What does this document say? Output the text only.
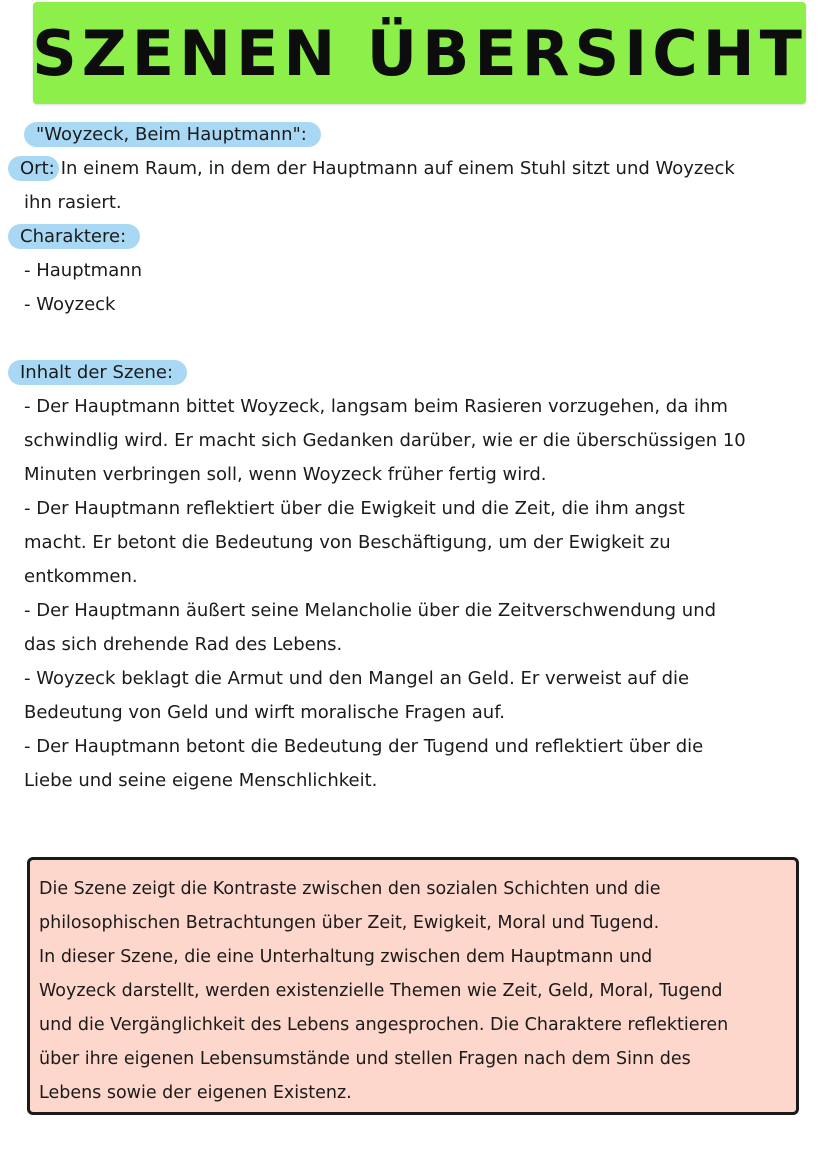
SZENEN ÜBERSICHT
"Woyzeck, Beim Hauptmann":
Ort: In einem Raum, in dem der Hauptmann auf einem Stuhl sitzt und Woyzeck
ihn rasiert.
Charaktere:
- Hauptmann
- Woyzeck
Inhalt der Szene:
- Der Hauptmann bittet Woyzeck, langsam beim Rasieren vorzugehen, da ihm
schwindlig wird. Er macht sich Gedanken darüber, wie er die überschüssigen 10
Minuten verbringen soll, wenn Woyzeck früher fertig wird.
- Der Hauptmann reflektiert über die Ewigkeit und die Zeit, die ihm angst
macht. Er betont die Bedeutung von Beschäftigung, um der Ewigkeit zu
entkommen.
- Der Hauptmann äußert seine Melancholie über die Zeitverschwendung und
das sich drehende Rad des Lebens.
- Woyzeck beklagt die Armut und den Mangel an Geld. Er verweist auf die
Bedeutung von Geld und wirft moralische Fragen auf.
- Der Hauptmann betont die Bedeutung der Tugend und reflektiert über die
Liebe und seine eigene Menschlichkeit.
Die Szene zeigt die Kontraste zwischen den sozialen Schichten und die
philosophischen Betrachtungen über Zeit, Ewigkeit, Moral und Tugend.
In dieser Szene, die eine Unterhaltung zwischen dem Hauptmann und
Woyzeck darstellt, werden existenzielle Themen wie Zeit, Geld, Moral, Tugend
und die Vergänglichkeit des Lebens angesprochen. Die Charaktere reflektieren
über ihre eigenen Lebensumstände und stellen Fragen nach dem Sinn des
Lebens sowie der eigenen Existenz.
